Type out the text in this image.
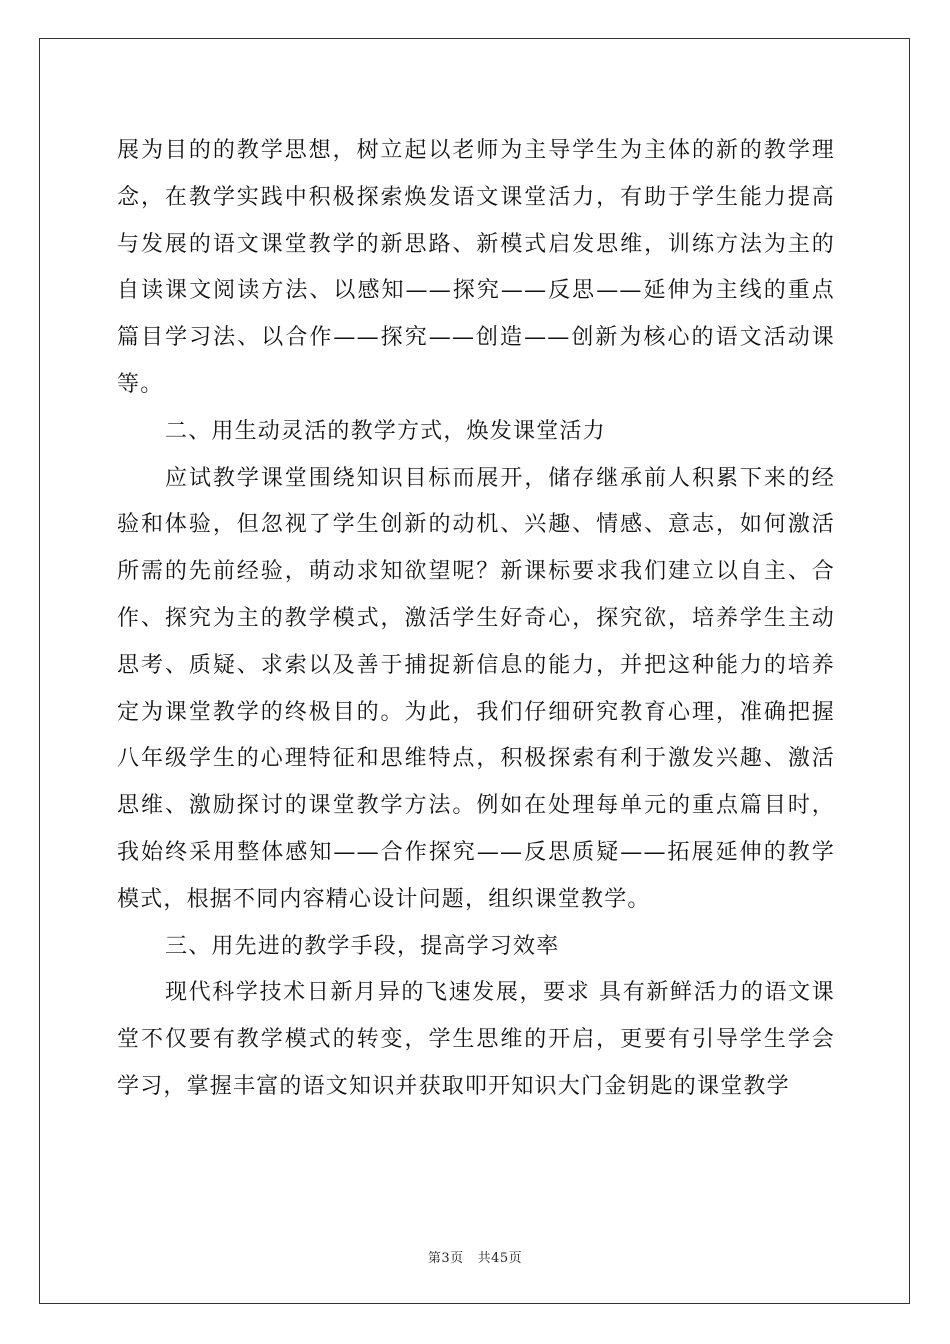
展为目的的教学思想，树立起以老师为主导学生为主体的新的教学理念，在教学实践中积极探索焕发语文课堂活力，有助于学生能力提高与发展的语文课堂教学的新思路、新模式启发思维，训练方法为主的自读课文阅读方法、以感知——探究——反思——延伸为主线的重点篇目学习法、以合作——探究——创造——创新为核心的语文活动课等。

二、用生动灵活的教学方式，焕发课堂活力

应试教学课堂围绕知识目标而展开，储存继承前人积累下来的经验和体验，但忽视了学生创新的动机、兴趣、情感、意志，如何激活所需的先前经验，萌动求知欲望呢？新课标要求我们建立以自主、合作、探究为主的教学模式，激活学生好奇心，探究欲，培养学生主动思考、质疑、求索以及善于捕捉新信息的能力，并把这种能力的培养定为课堂教学的终极目的。为此，我们仔细研究教育心理，准确把握八年级学生的心理特征和思维特点，积极探索有利于激发兴趣、激活思维、激励探讨的课堂教学方法。例如在处理每单元的重点篇目时，我始终采用整体感知——合作探究——反思质疑——拓展延伸的教学模式，根据不同内容精心设计问题，组织课堂教学。

三、用先进的教学手段，提高学习效率

现代科学技术日新月异的飞速发展，要求 具有新鲜活力的语文课堂不仅要有教学模式的转变，学生思维的开启，更要有引导学生学会学习，掌握丰富的语文知识并获取叩开知识大门金钥匙的课堂教学

第3页 共45页
